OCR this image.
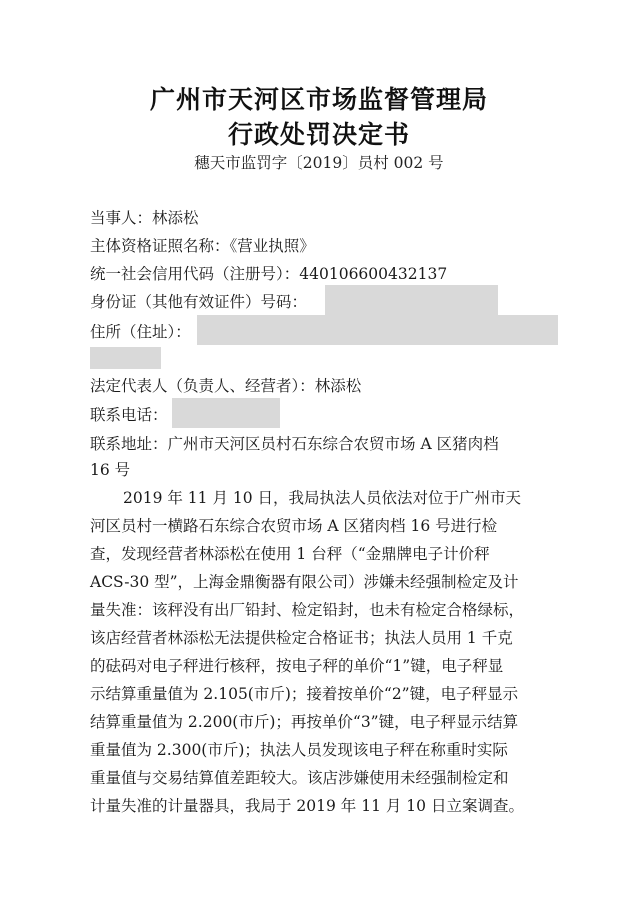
广州市天河区市场监督管理局
行政处罚决定书
穗天市监罚字〔2019〕员村 002 号
当事人：林添松
主体资格证照名称：《营业执照》
统一社会信用代码（注册号）：440106600432137
身份证（其他有效证件）号码：
住所（住址）：
法定代表人（负责人、经营者）：林添松
联系电话：
联系地址：广州市天河区员村石东综合农贸市场 A 区猪肉档
16 号
2019 年 11 月 10 日，我局执法人员依法对位于广州市天
河区员村一横路石东综合农贸市场 A 区猪肉档 16 号进行检
查，发现经营者林添松在使用 1 台秤（“金鼎牌电子计价秤
ACS-30 型”，上海金鼎衡器有限公司）涉嫌未经强制检定及计
量失准：该秤没有出厂铅封、检定铅封，也未有检定合格绿标，
该店经营者林添松无法提供检定合格证书；执法人员用 1 千克
的砝码对电子秤进行核秤，按电子秤的单价“1”键，电子秤显
示结算重量值为 2.105(市斤)；接着按单价“2”键，电子秤显示
结算重量值为 2.200(市斤)；再按单价“3”键，电子秤显示结算
重量值为 2.300(市斤)；执法人员发现该电子秤在称重时实际
重量值与交易结算值差距较大。该店涉嫌使用未经强制检定和
计量失准的计量器具，我局于 2019 年 11 月 10 日立案调查。
